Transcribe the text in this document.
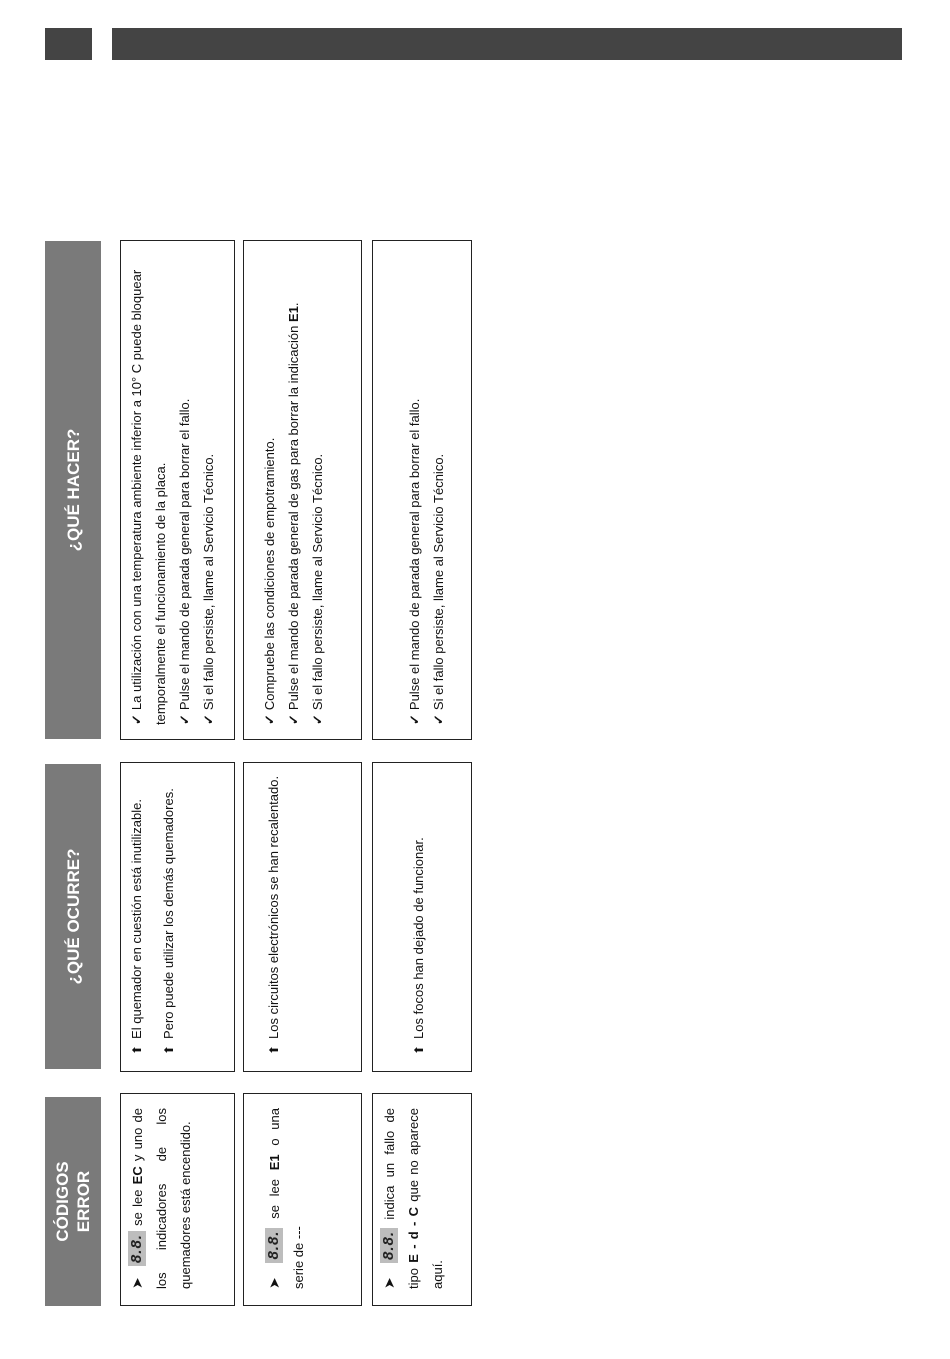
CÓDIGOS ERROR
¿QUÉ OCURRE?
¿QUÉ HACER?
➤ 8.8. se lee EC y uno de los indicadores de los quemadores está encendido.
⬆El quemador en cuestión está inutilizable.
⬆Pero puede utilizar los demás quemadores.
✓La utilización con una temperatura ambiente inferior a 10° C puede bloquear temporalmente el funcionamiento de la placa. ✓Pulse el mando de parada general para borrar el fallo.
✓Si el fallo persiste, llame al Servicio Técnico.
➤ 8.8. se lee E1 o una serie de ---
⬆Los circuitos electrónicos se han recalentado.
✓Compruebe las condiciones de empotramiento.
✓Pulse el mando de parada general de gas para borrar la indicación E1.
✓Si el fallo persiste, llame al Servicio Técnico.
➤ 8.8. indica un fallo de tipo E - d - C que no aparece aquí.
⬆Los focos han dejado de funcionar.
✓Pulse el mando de parada general para borrar el fallo.
✓Si el fallo persiste, llame al Servicio Técnico.
